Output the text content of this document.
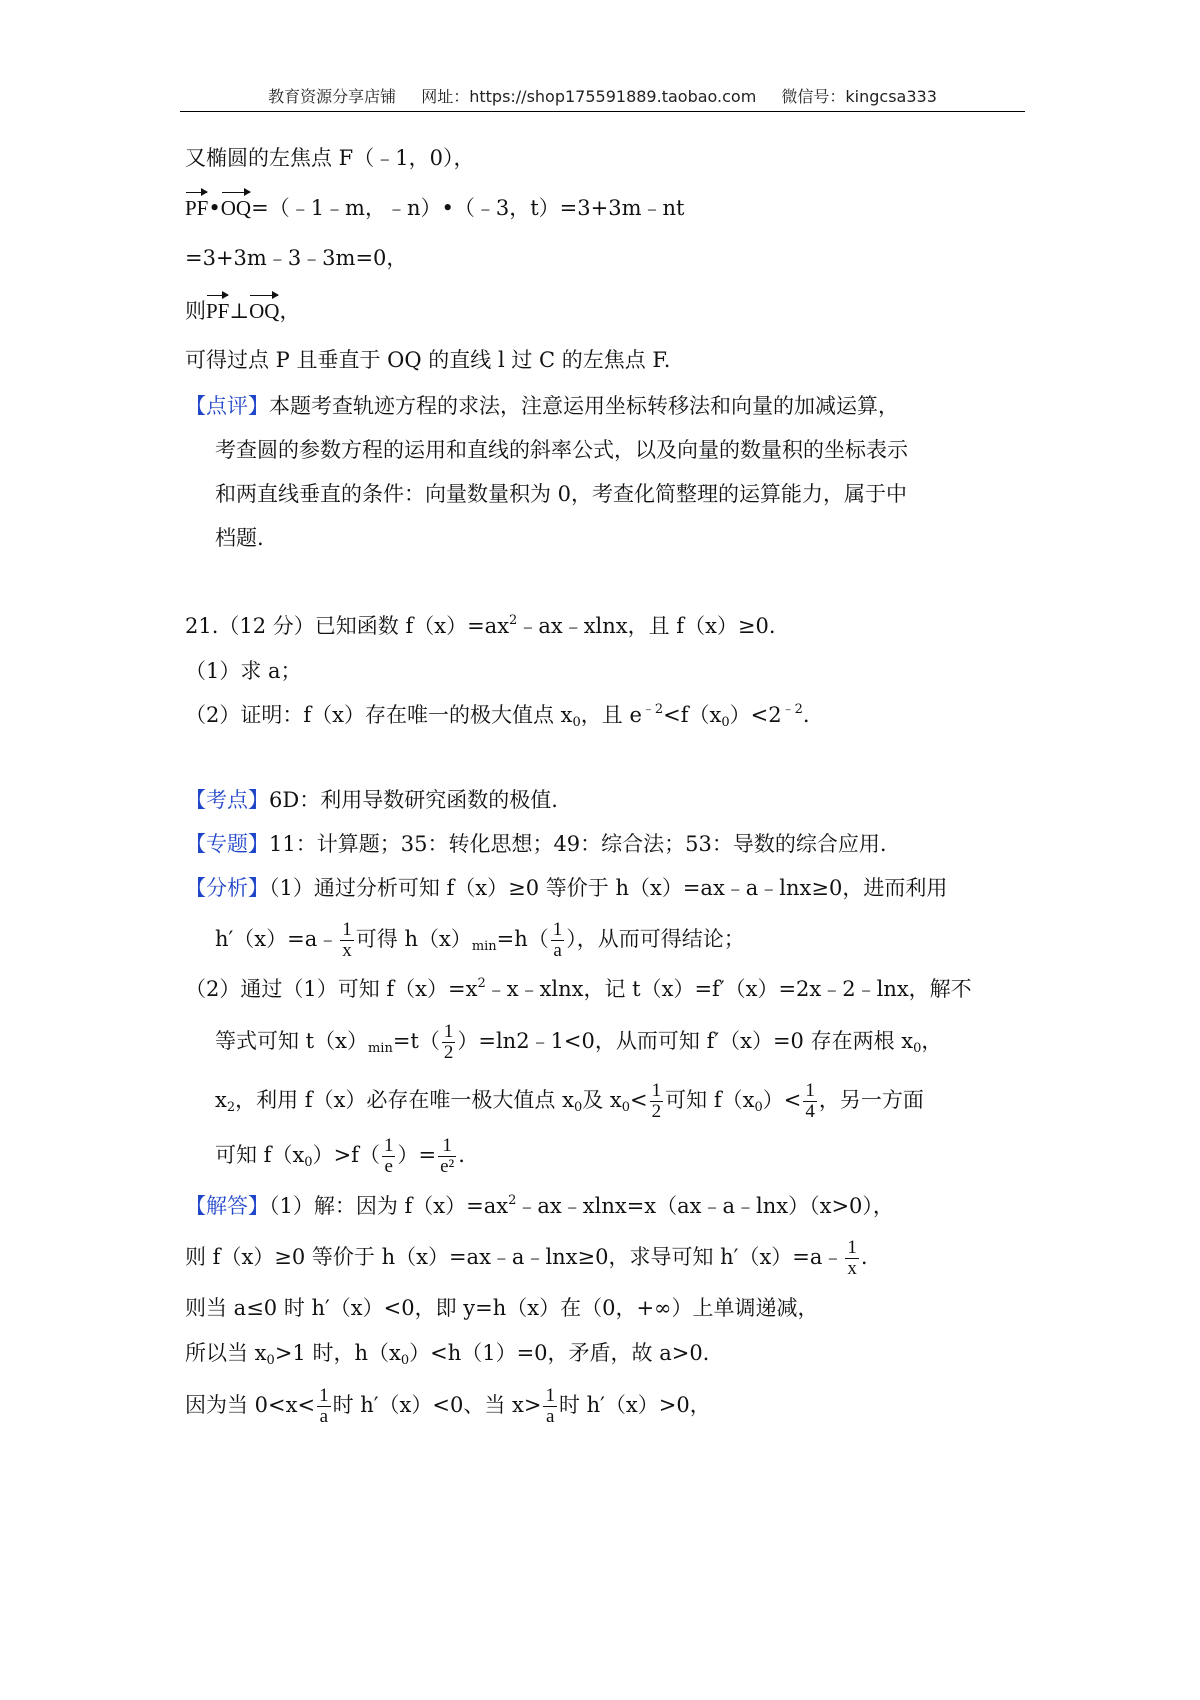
教育资源分享店铺 网址：https://shop175591889.taobao.com 微信号：kingcsa333
又椭圆的左焦点 F（﹣1，0），
PF•OQ=（﹣1﹣m，﹣n）•（﹣3，t）=3+3m﹣nt
=3+3m﹣3﹣3m=0，
则PF⊥OQ，
可得过点 P 且垂直于 OQ 的直线 l 过 C 的左焦点 F.
【点评】本题考查轨迹方程的求法，注意运用坐标转移法和向量的加减运算，
考查圆的参数方程的运用和直线的斜率公式，以及向量的数量积的坐标表示
和两直线垂直的条件：向量数量积为 0，考查化简整理的运算能力，属于中
档题.
21.（12 分）已知函数 $f(x)=ax^2﹣ax﹣xlnx$，且 f（x）≥0.
（1）求 a；
（2）证明：f（x）存在唯一的极大值点 $x_0$，且 $e^{﹣2}<f(x_0)<2^{﹣2}$.
【考点】6D：利用导数研究函数的极值.
【专题】11：计算题；35：转化思想；49：综合法；53：导数的综合应用.
【分析】（1）通过分析可知 f（x）≥0 等价于 h（x）=ax﹣a﹣lnx≥0，进而利用
h′（x）=a﹣ $\frac{1}{x}$ 可得 $h(x)_{min}=h( \frac{1}{a}$ ），从而可得结论；
（2）通过（1）可知 $f(x)=x^2﹣x﹣xlnx$，记 t（x）=f′（x）=2x﹣2﹣lnx，解不
等式可知 $t(x)_{min}=t( \frac{1}{2}$ ）=ln2﹣1<0，从而可知 f′（x）=0 存在两根 $x_0$，
$x_2$，利用 f（x）必存在唯一极大值点 $x_0$及 $x_0< \frac{1}{2}$ 可知 $f(x_0)< \frac{1}{4}$ ，另一方面
可知 $f(x_0)>f( \frac{1}{e}$ ）= $\frac{1}{\text{e²}}$ .
【解答】（1）解：因为 $f(x)=ax^2﹣ax﹣xlnx=x(ax﹣a﹣\ln x)(x>0)$，
则 f（x）≥0 等价于 h（x）=ax﹣a﹣lnx≥0，求导可知 h′（x）=a﹣ $\frac{1}{x}$ .
则当 a≤0 时 h′（x）<0，即 y=h（x）在（0，+∞）上单调递减，
所以当 $x_0>1$ 时，$h(x_0)<h(1)=0$，矛盾，故 a>0.
因为当 $0<x< \frac{1}{a}$ 时 h′（x）<0、当 $x> \frac{1}{a}$ 时 h′（x）>0，
